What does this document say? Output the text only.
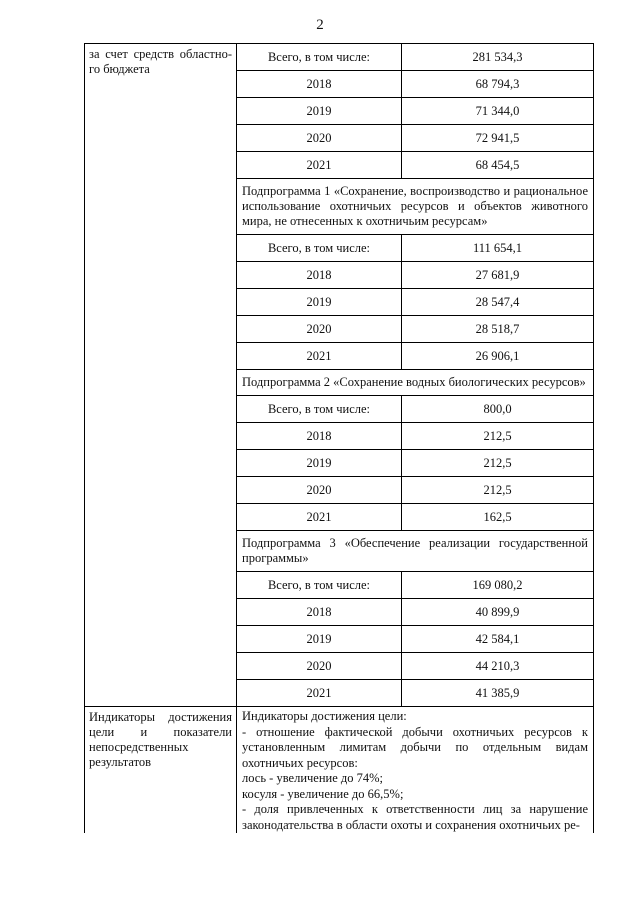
2
за счет средств областно-го бюджета
Всего, в том числе:	281 534,3
2018	68 794,3
2019	71 344,0
2020	72 941,5
2021	68 454,5
Подпрограмма 1 «Сохранение, воспроизводство и рациональное использование охотничьих ресурсов и объектов животного мира, не отнесенных к охотничьим ресурсам»
Всего, в том числе:	111 654,1
2018	27 681,9
2019	28 547,4
2020	28 518,7
2021	26 906,1
Подпрограмма 2 «Сохранение водных биологических ресурсов»
Всего, в том числе:	800,0
2018	212,5
2019	212,5
2020	212,5
2021	162,5
Подпрограмма 3 «Обеспечение реализации государственной программы»
Всего, в том числе:	169 080,2
2018	40 899,9
2019	42 584,1
2020	44 210,3
2021	41 385,9
Индикаторы достижения цели и показатели непосредственных результатов

Индикаторы достижения цели:

- отношение фактической добычи охотничьих ресурсов к установленным лимитам добычи по отдельным видам охотничьих ресурсов:

лось - увеличение до 74%;

косуля - увеличение до 66,5%;

- доля привлеченных к ответственности лиц за нарушение законодательства в области охоты и сохранения охотничьих ре-
